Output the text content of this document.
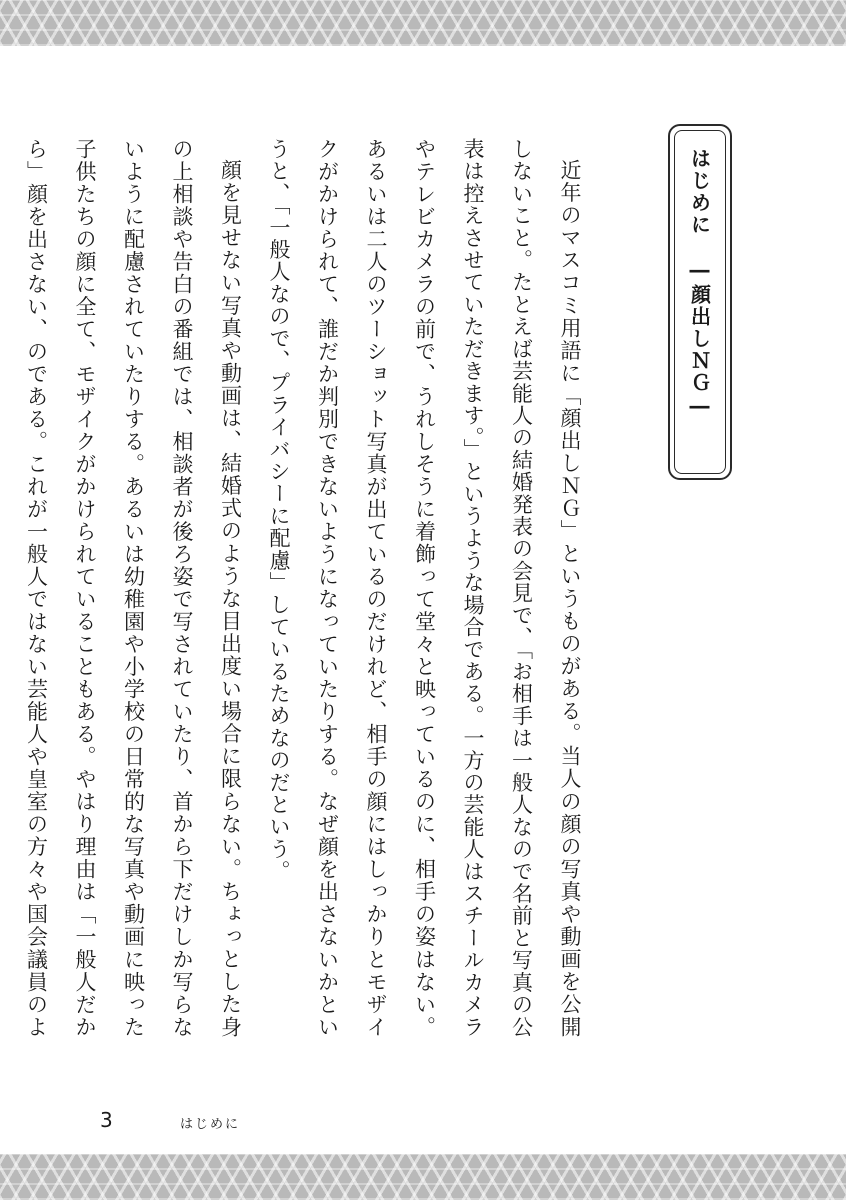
はじめに　―顔出しＮＧ―

近年のマスコミ用語に「顔出しＮＧ」というものがある。当人の顔の写真や動画を公開しないこと。たとえば芸能人の結婚発表の会見で、「お相手は一般人なので名前と写真の公表は控えさせていただきます。」というような場合である。一方の芸能人はスチールカメラやテレビカメラの前で、うれしそうに着飾って堂々と映っているのに、相手の姿はない。あるいは二人のツーショット写真が出ているのだけれど、相手の顔にはしっかりとモザイクがかけられて、誰だか判別できないようになっていたりする。なぜ顔を出さないかというと、「一般人なので、プライバシーに配慮」しているためなのだという。

顔を見せない写真や動画は、結婚式のような目出度い場合に限らない。ちょっとした身の上相談や告白の番組では、相談者が後ろ姿で写されていたり、首から下だけしか写らないように配慮されていたりする。あるいは幼稚園や小学校の日常的な写真や動画に映った子供たちの顔に全て、モザイクがかけられていることもある。やはり理由は「一般人だから」顔を出さない、のである。これが一般人ではない芸能人や皇室の方々や国会議員のよ

3	はじめに
